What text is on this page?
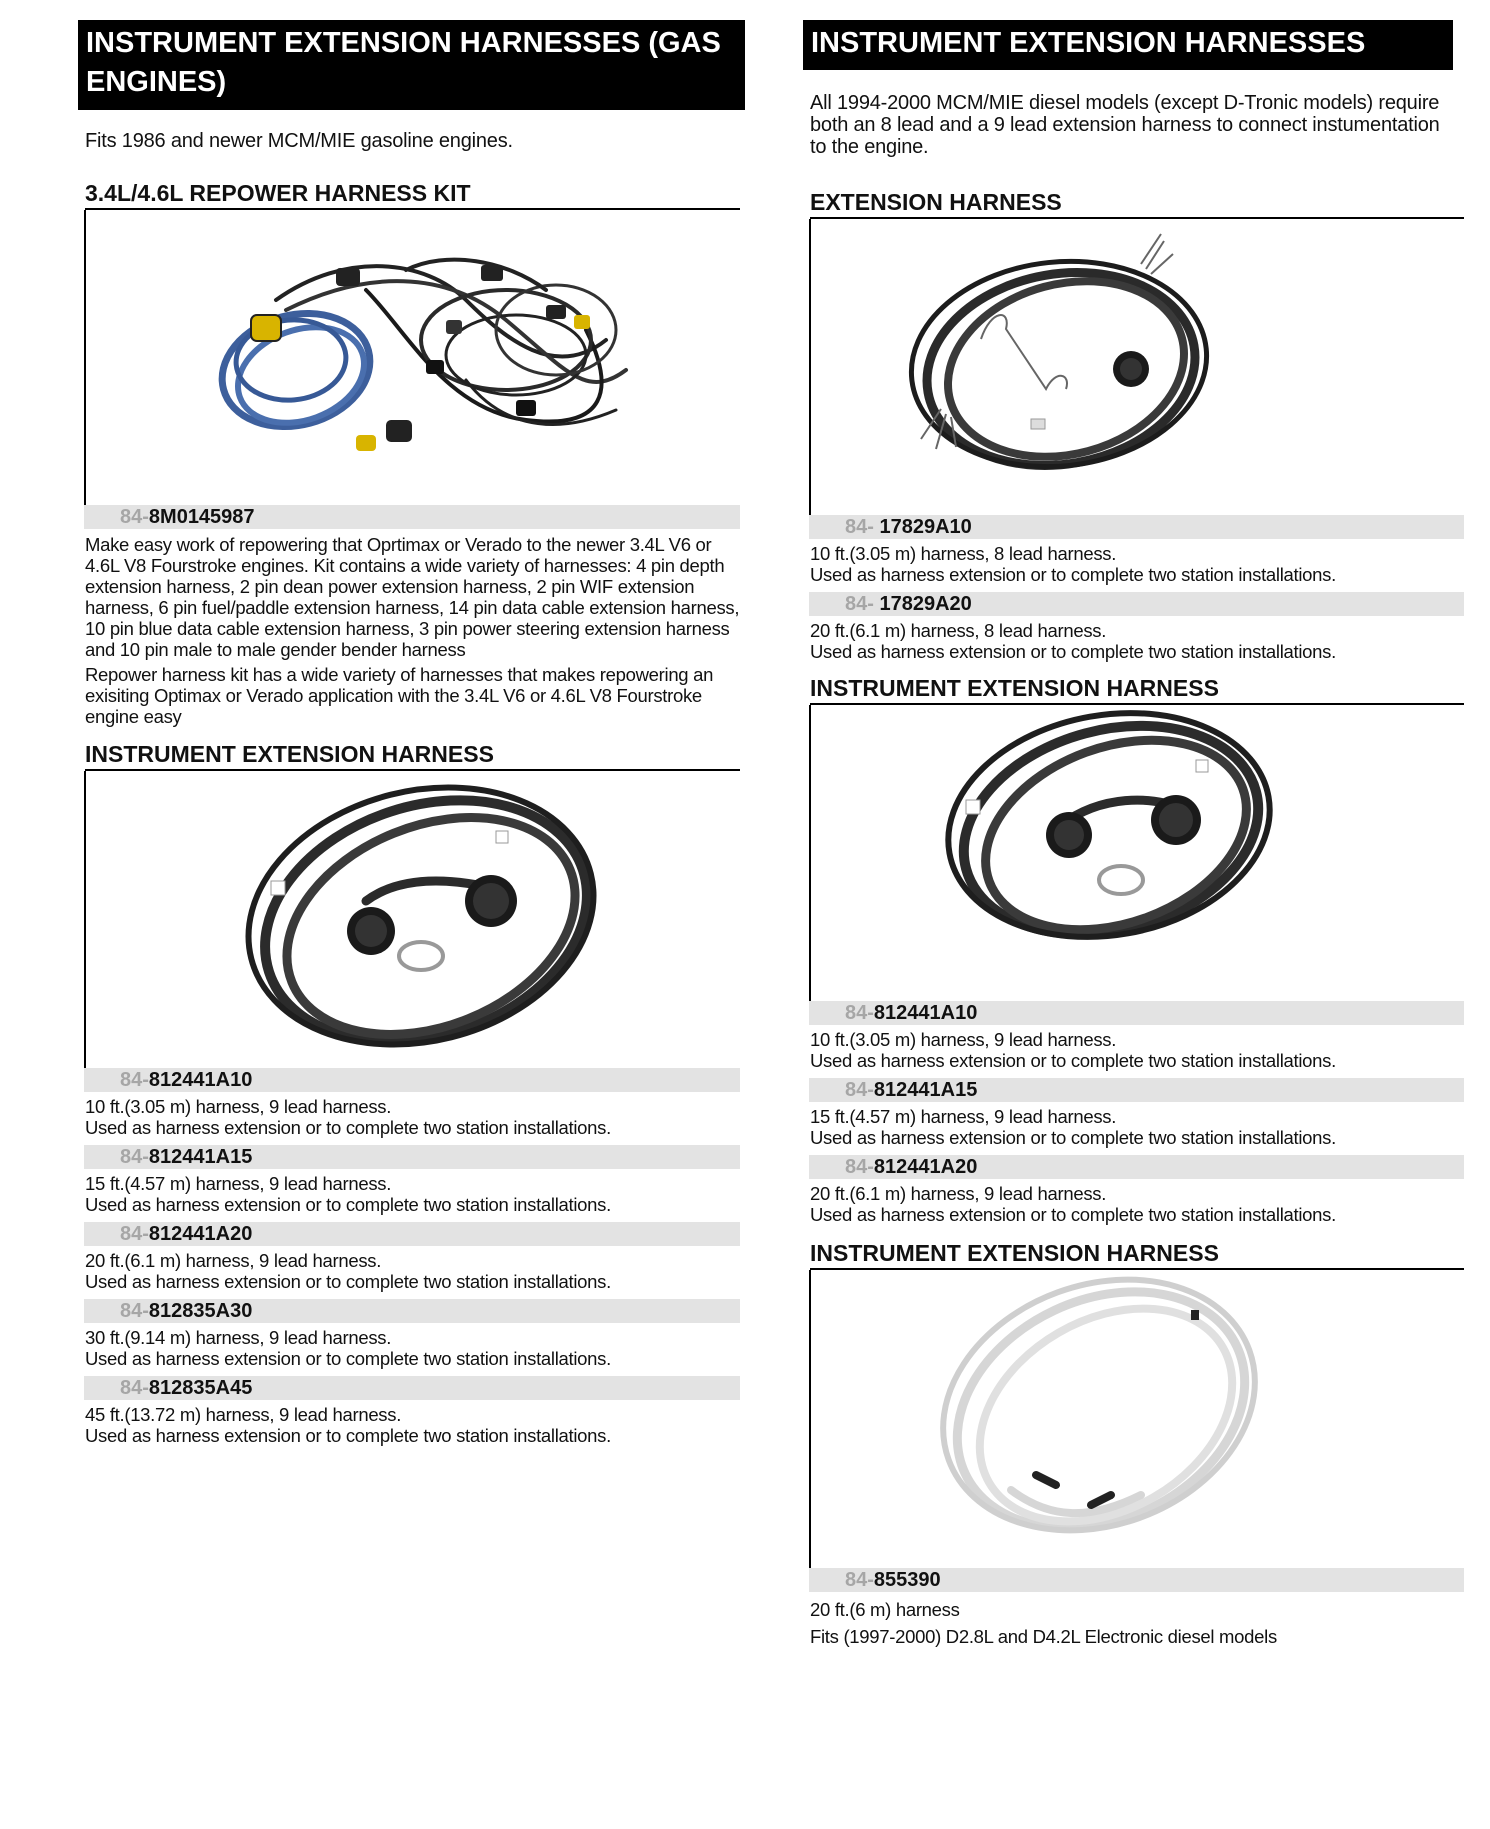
INSTRUMENT EXTENSION HARNESSES (GAS ENGINES)
Fits 1986 and newer MCM/MIE gasoline engines.
3.4L/4.6L REPOWER HARNESS KIT
84-8M0145987
Make easy work of repowering that Oprtimax or Verado to the newer 3.4L V6 or 4.6L V8 Fourstroke engines. Kit contains a wide variety of harnesses: 4 pin depth extension harness, 2 pin dean power extension harness, 2 pin WIF extension harness, 6 pin fuel/paddle extension harness, 14 pin data cable extension harness, 10 pin blue data cable extension harness, 3 pin power steering extension harness and 10 pin male to male gender bender harness
Repower harness kit has a wide variety of harnesses that makes repowering an exisiting Optimax or Verado application with the 3.4L V6 or 4.6L V8 Fourstroke engine easy
INSTRUMENT EXTENSION HARNESS
84-812441A10
10 ft.(3.05 m) harness, 9 lead harness.
Used as harness extension or to complete two station installations.
84-812441A15
15 ft.(4.57 m) harness, 9 lead harness.
Used as harness extension or to complete two station installations.
84-812441A20
20 ft.(6.1 m) harness, 9 lead harness.
Used as harness extension or to complete two station installations.
84-812835A30
30 ft.(9.14 m) harness, 9 lead harness.
Used as harness extension or to complete two station installations.
84-812835A45
45 ft.(13.72 m) harness, 9 lead harness.
Used as harness extension or to complete two station installations.
INSTRUMENT EXTENSION HARNESSES (DIESEL)
All 1994-2000 MCM/MIE diesel models (except D-Tronic models) require both an 8 lead and a 9 lead extension harness to connect instumentation to the engine.
EXTENSION HARNESS
84- 17829A10
10 ft.(3.05 m) harness, 8 lead harness.
Used as harness extension or to complete two station installations.
84- 17829A20
20 ft.(6.1 m) harness, 8 lead harness.
Used as harness extension or to complete two station installations.
INSTRUMENT EXTENSION HARNESS
84-812441A10
10 ft.(3.05 m) harness, 9 lead harness.
Used as harness extension or to complete two station installations.
84-812441A15
15 ft.(4.57 m) harness, 9 lead harness.
Used as harness extension or to complete two station installations.
84-812441A20
20 ft.(6.1 m) harness, 9 lead harness.
Used as harness extension or to complete two station installations.
INSTRUMENT EXTENSION HARNESS
84-855390
20 ft.(6 m) harness
Fits (1997-2000) D2.8L and D4.2L Electronic diesel models
